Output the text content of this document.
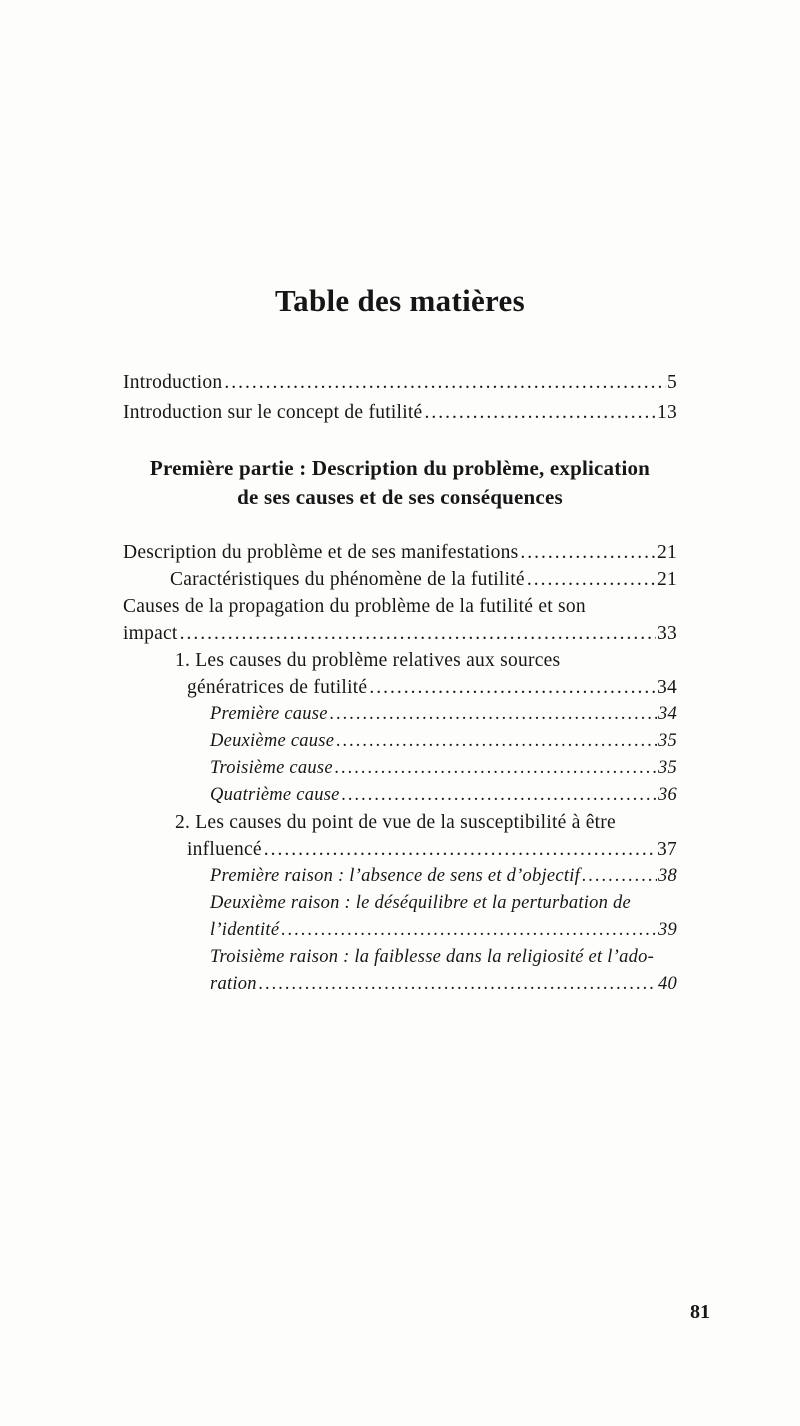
Table des matières
Introduction .....	5
Introduction sur le concept de futilité .....	13
Première partie : Description du problème, explication
de ses causes et de ses conséquences
Description du problème et de ses manifestations .....	21
Caractéristiques du phénomène de la futilité .....	21
Causes de la propagation du problème de la futilité et son
impact .....	33
1. Les causes du problème relatives aux sources
génératrices de futilité .....	34
Première cause .....	34
Deuxième cause .....	35
Troisième cause .....	35
Quatrième cause .....	36
2. Les causes du point de vue de la susceptibilité à être
influencé .....	37
Première raison : l’absence de sens et d’objectif .....	38
Deuxième raison : le déséquilibre et la perturbation de
l’identité .....	39
Troisième raison : la faiblesse dans la religiosité et l’ado-
ration .....	40
81
